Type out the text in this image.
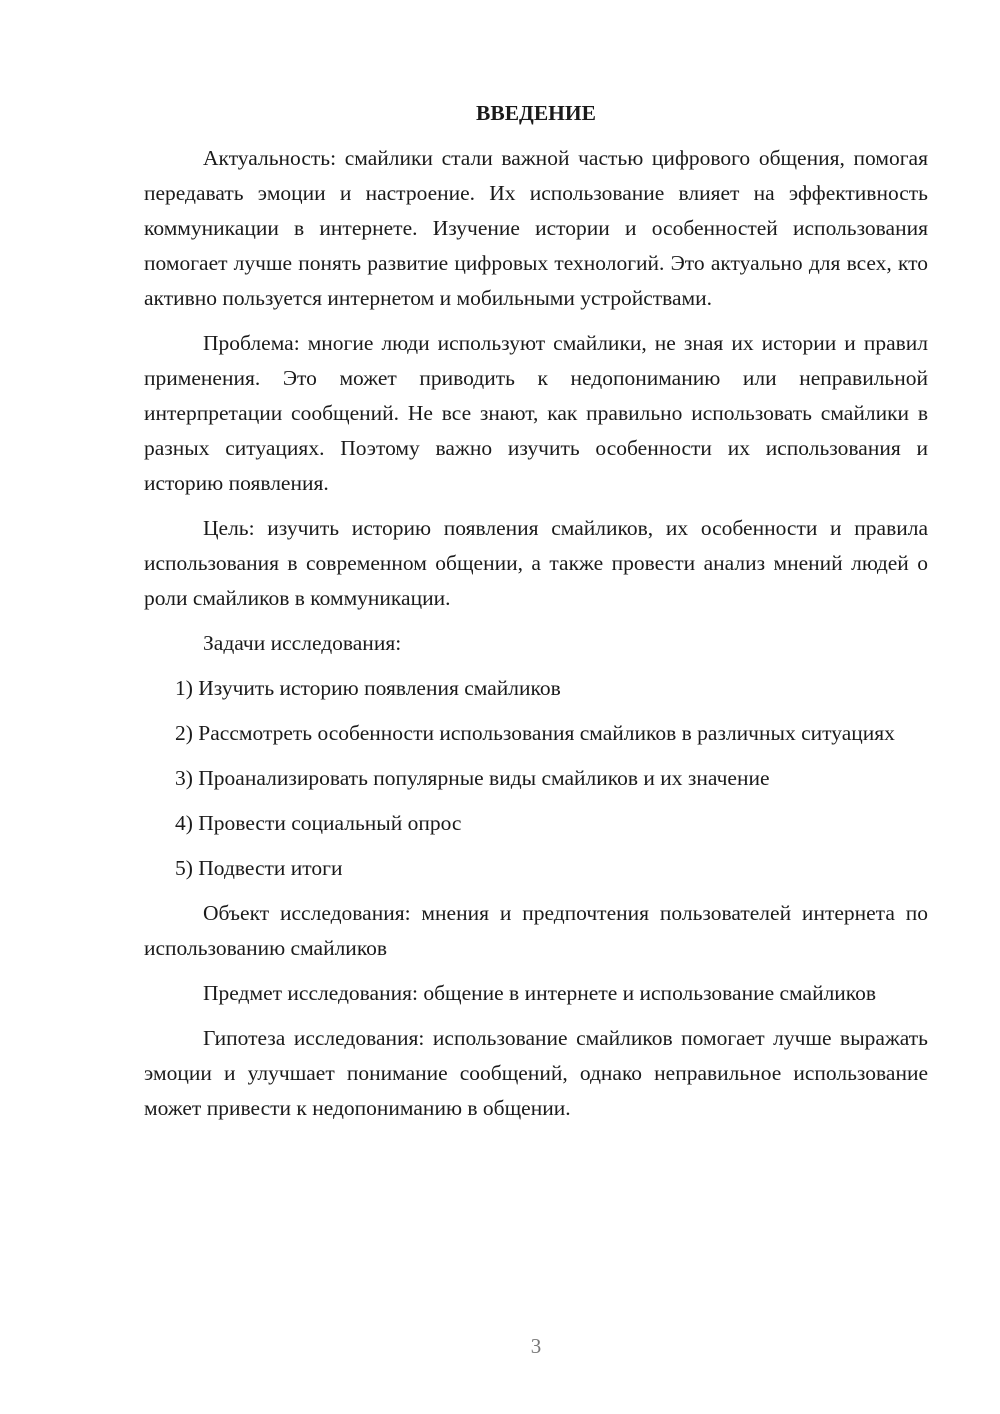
ВВЕДЕНИЕ

Актуальность: смайлики стали важной частью цифрового общения, помогая передавать эмоции и настроение. Их использование влияет на эффективность коммуникации в интернете. Изучение истории и особенностей использования помогает лучше понять развитие цифровых технологий. Это актуально для всех, кто активно пользуется интернетом и мобильными устройствами.

Проблема: многие люди используют смайлики, не зная их истории и правил применения. Это может приводить к недопониманию или неправильной интерпретации сообщений. Не все знают, как правильно использовать смайлики в разных ситуациях. Поэтому важно изучить особенности их использования и историю появления.

Цель: изучить историю появления смайликов, их особенности и правила использования в современном общении, а также провести анализ мнений людей о роли смайликов в коммуникации.

Задачи исследования:

1) Изучить историю появления смайликов

2) Рассмотреть особенности использования смайликов в различных ситуациях

3) Проанализировать популярные виды смайликов и их значение

4) Провести социальный опрос

5) Подвести итоги

Объект исследования: мнения и предпочтения пользователей интернета по использованию смайликов

Предмет исследования: общение в интернете и использование смайликов

Гипотеза исследования: использование смайликов помогает лучше выражать эмоции и улучшает понимание сообщений, однако неправильное использование может привести к недопониманию в общении.

3
